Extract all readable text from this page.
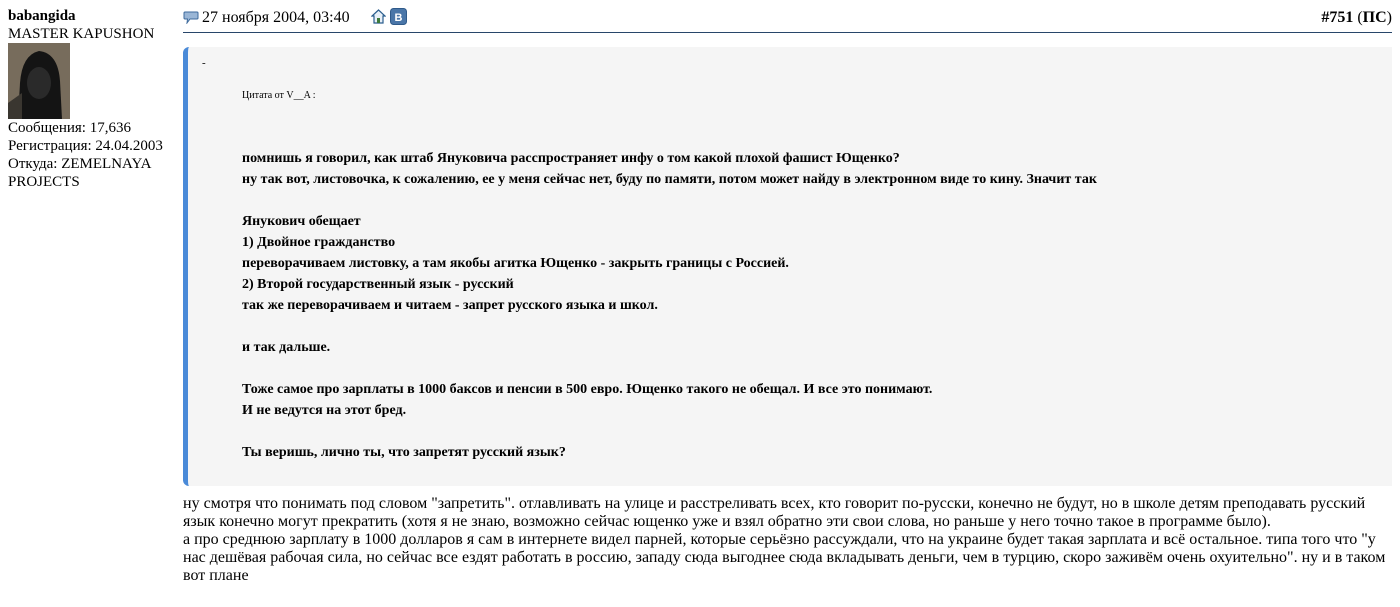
babangida
MASTER KAPUSHON
Сообщения: 17,636
Регистрация: 24.04.2003
Откуда: ZEMELNAYA
PROJECTS
27 ноября 2004, 03:40	В	#751 (ПС)
-
Цитата от V__A :
помнишь я говорил, как штаб Януковича расспространяет инфу о том какой плохой фашист Ющенко?
ну так вот, листовочка, к сожалению, ее у меня сейчас нет, буду по памяти, потом может найду в электронном виде то кину. Значит так
Янукович обещает
1) Двойное гражданство
переворачиваем листовку, а там якобы агитка Ющенко - закрыть границы с Россией.
2) Второй государственный язык - русский
так же переворачиваем и читаем - запрет русского языка и школ.
и так дальше.
Тоже самое про зарплаты в 1000 баксов и пенсии в 500 евро. Ющенко такого не обещал. И все это понимают.
И не ведутся на этот бред.
Ты веришь, лично ты, что запретят русский язык?
ну смотря что понимать под словом "запретить". отлавливать на улице и расстреливать всех, кто говорит по-русски, конечно не будут, но в школе детям преподавать русский
язык конечно могут прекратить (хотя я не знаю, возможно сейчас ющенко уже и взял обратно эти свои слова, но раньше у него точно такое в программе было).
а про среднюю зарплату в 1000 долларов я сам в интернете видел парней, которые серьёзно рассуждали, что на украине будет такая зарплата и всё остальное. типа того что "у
нас дешёвая рабочая сила, но сейчас все ездят работать в россию, западу сюда выгоднее сюда вкладывать деньги, чем в турцию, скоро заживём очень охуительно". ну и в таком
вот плане
